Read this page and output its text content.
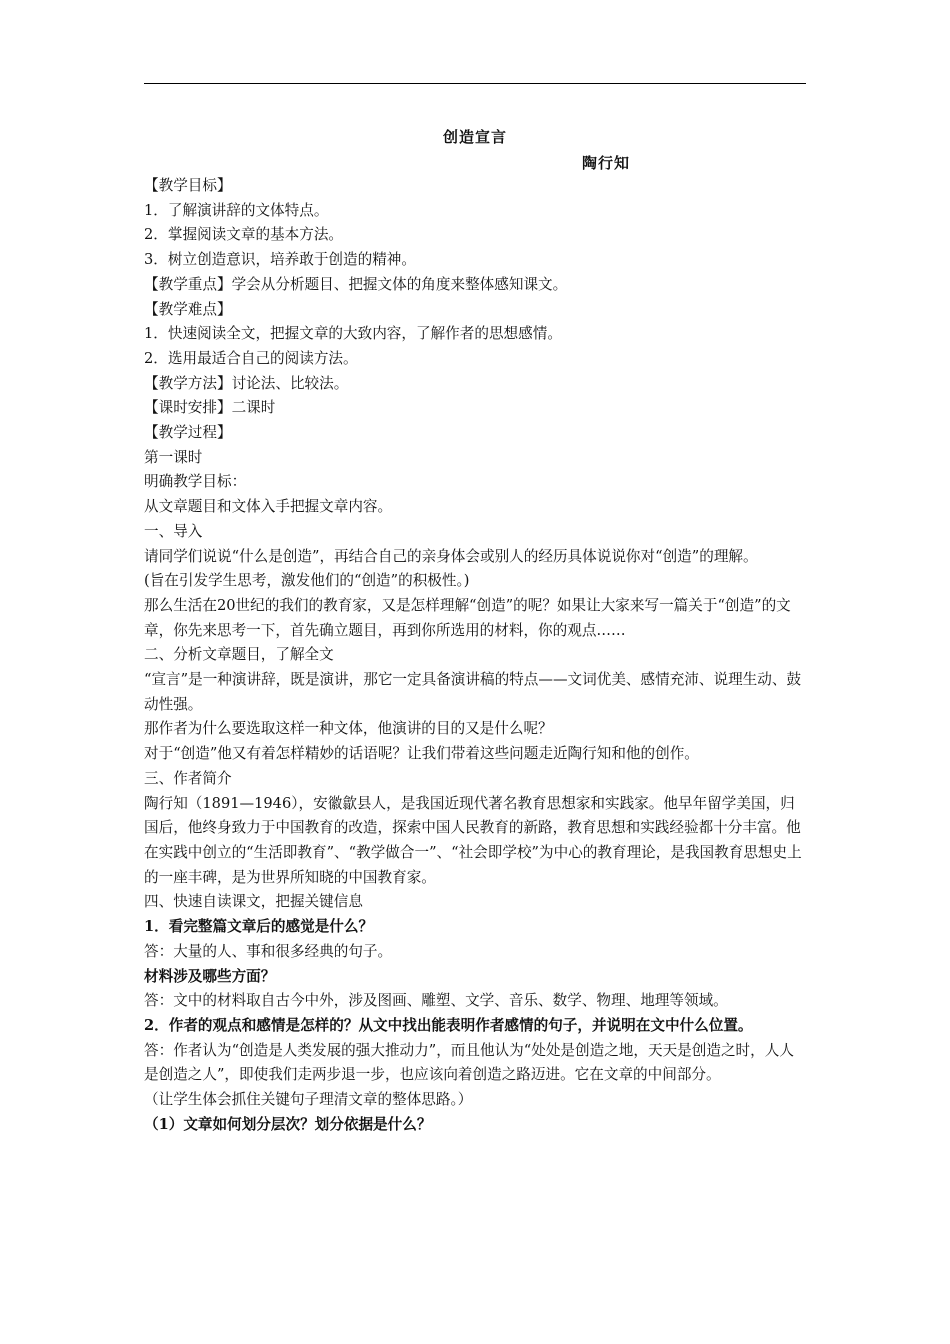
创造宣言
陶行知

【教学目标】

1．了解演讲辞的文体特点。

2．掌握阅读文章的基本方法。

3．树立创造意识，培养敢于创造的精神。

【教学重点】学会从分析题目、把握文体的角度来整体感知课文。

【教学难点】

1．快速阅读全文，把握文章的大致内容，了解作者的思想感情。

2．选用最适合自己的阅读方法。

【教学方法】讨论法、比较法。

【课时安排】二课时

【教学过程】

第一课时

明确教学目标：

从文章题目和文体入手把握文章内容。

一、导入

请同学们说说“什么是创造”，再结合自己的亲身体会或别人的经历具体说说你对“创造”的理解。

(旨在引发学生思考，激发他们的“创造”的积极性。)

那么生活在20世纪的我们的教育家，又是怎样理解“创造”的呢？如果让大家来写一篇关于“创造”的文章，你先来思考一下，首先确立题目，再到你所选用的材料，你的观点……

二、分析文章题目，了解全文

“宣言”是一种演讲辞，既是演讲，那它一定具备演讲稿的特点——文词优美、感情充沛、说理生动、鼓动性强。

那作者为什么要选取这样一种文体，他演讲的目的又是什么呢？

对于“创造”他又有着怎样精妙的话语呢？让我们带着这些问题走近陶行知和他的创作。

三、作者简介

陶行知（1891—1946），安徽歙县人，是我国近现代著名教育思想家和实践家。他早年留学美国，归国后，他终身致力于中国教育的改造，探索中国人民教育的新路，教育思想和实践经验都十分丰富。他在实践中创立的“生活即教育”、“教学做合一”、“社会即学校”为中心的教育理论，是我国教育思想史上的一座丰碑，是为世界所知晓的中国教育家。

四、快速自读课文，把握关键信息

1．看完整篇文章后的感觉是什么？

答：大量的人、事和很多经典的句子。

材料涉及哪些方面？

答：文中的材料取自古今中外，涉及图画、雕塑、文学、音乐、数学、物理、地理等领域。

2．作者的观点和感情是怎样的？从文中找出能表明作者感情的句子，并说明在文中什么位置。

答：作者认为“创造是人类发展的强大推动力”，而且他认为“处处是创造之地，天天是创造之时，人人是创造之人”，即使我们走两步退一步，也应该向着创造之路迈进。它在文章的中间部分。

（让学生体会抓住关键句子理清文章的整体思路。）

（1）文章如何划分层次？划分依据是什么？
